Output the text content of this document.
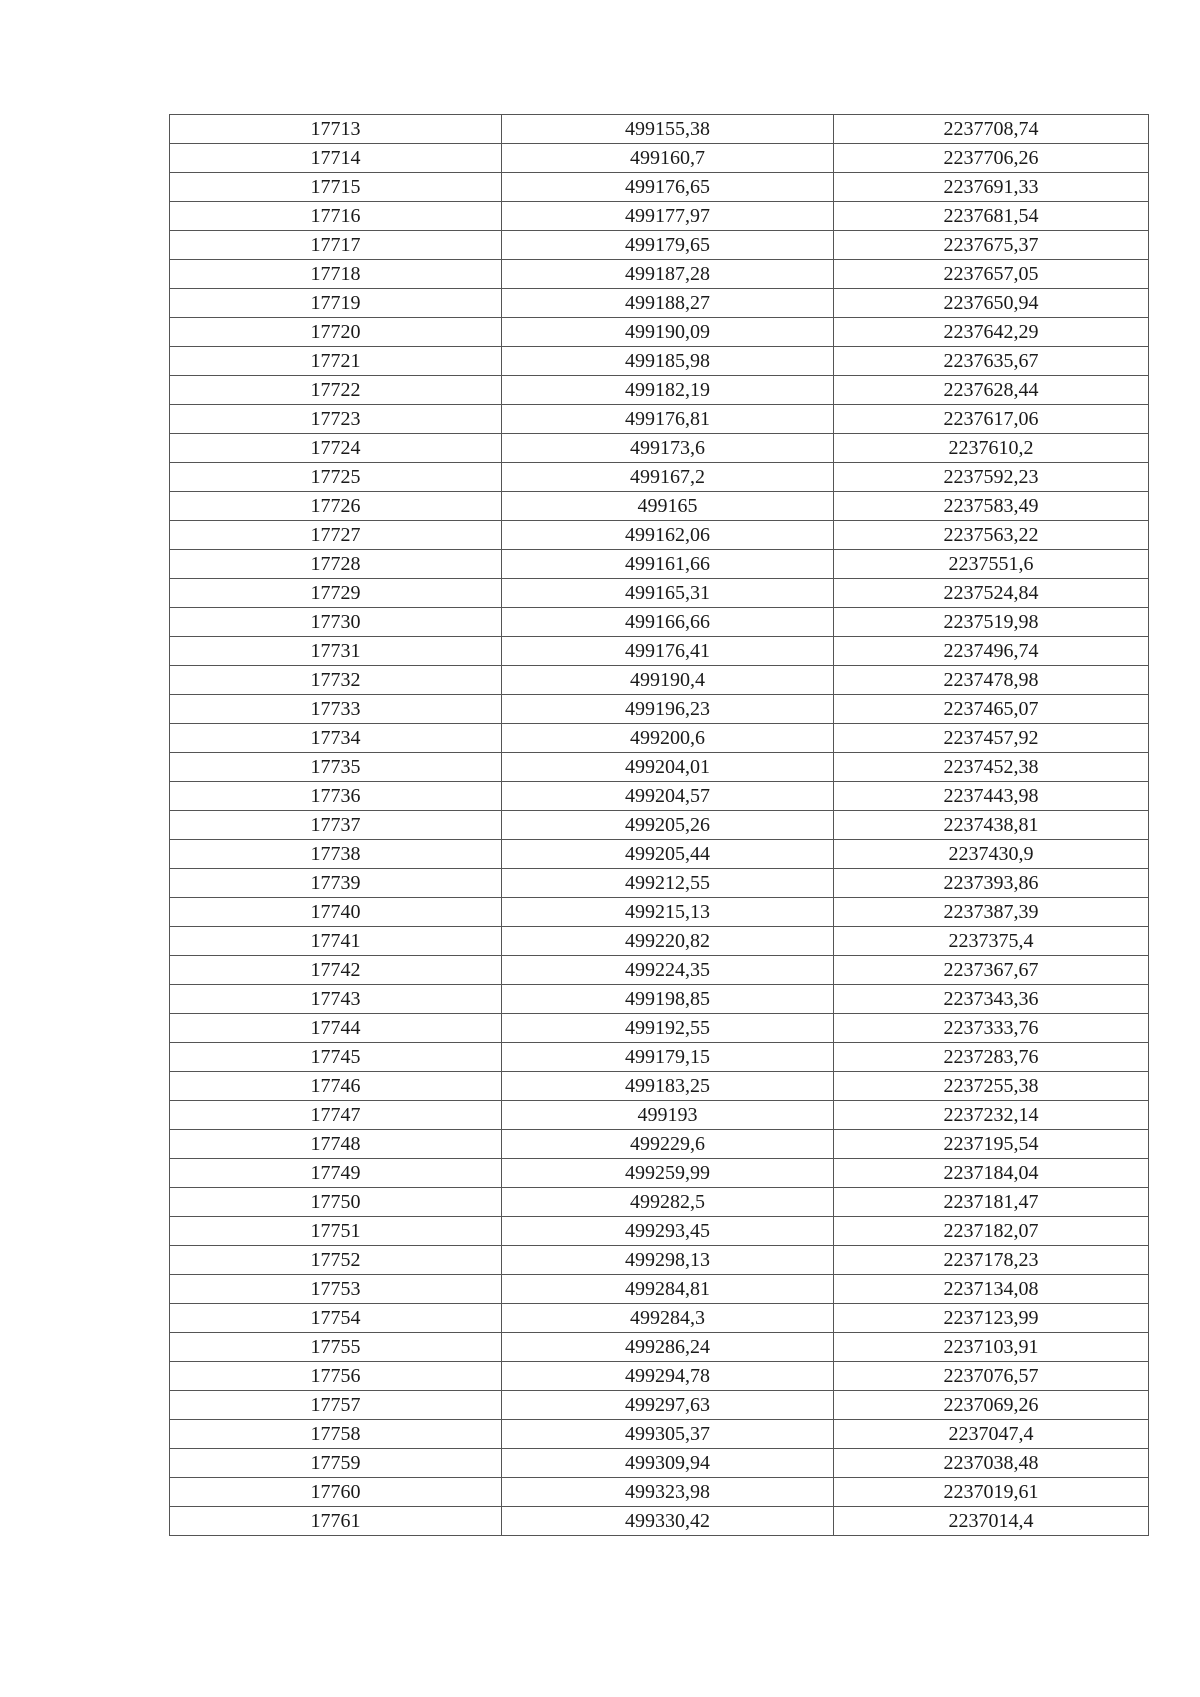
17713	499155,38	2237708,74
17714	499160,7	2237706,26
17715	499176,65	2237691,33
17716	499177,97	2237681,54
17717	499179,65	2237675,37
17718	499187,28	2237657,05
17719	499188,27	2237650,94
17720	499190,09	2237642,29
17721	499185,98	2237635,67
17722	499182,19	2237628,44
17723	499176,81	2237617,06
17724	499173,6	2237610,2
17725	499167,2	2237592,23
17726	499165	2237583,49
17727	499162,06	2237563,22
17728	499161,66	2237551,6
17729	499165,31	2237524,84
17730	499166,66	2237519,98
17731	499176,41	2237496,74
17732	499190,4	2237478,98
17733	499196,23	2237465,07
17734	499200,6	2237457,92
17735	499204,01	2237452,38
17736	499204,57	2237443,98
17737	499205,26	2237438,81
17738	499205,44	2237430,9
17739	499212,55	2237393,86
17740	499215,13	2237387,39
17741	499220,82	2237375,4
17742	499224,35	2237367,67
17743	499198,85	2237343,36
17744	499192,55	2237333,76
17745	499179,15	2237283,76
17746	499183,25	2237255,38
17747	499193	2237232,14
17748	499229,6	2237195,54
17749	499259,99	2237184,04
17750	499282,5	2237181,47
17751	499293,45	2237182,07
17752	499298,13	2237178,23
17753	499284,81	2237134,08
17754	499284,3	2237123,99
17755	499286,24	2237103,91
17756	499294,78	2237076,57
17757	499297,63	2237069,26
17758	499305,37	2237047,4
17759	499309,94	2237038,48
17760	499323,98	2237019,61
17761	499330,42	2237014,4
